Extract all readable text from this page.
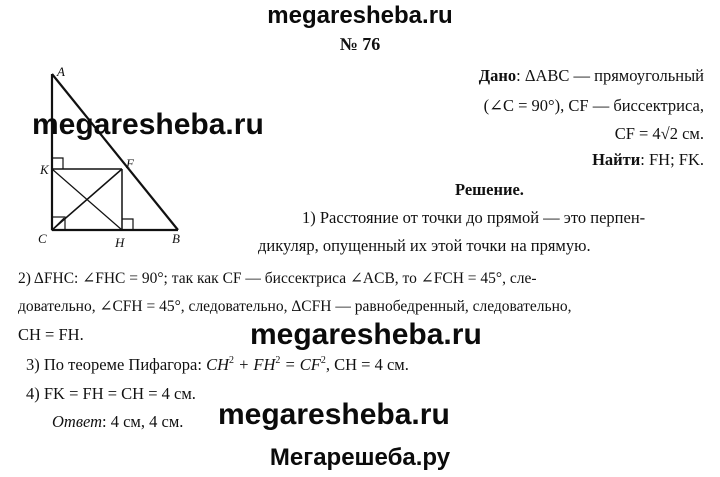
megaresheba.ru
№ 76
A
K	F
C	H	B
megaresheba.ru
Дано: ΔABC — прямоугольный
(∠C = 90°), CF — биссектриса,
CF = 4√2 см.
Найти: FH; FK.
Решение.
1) Расстояние от точки до прямой — это перпен-
дикуляр, опущенный их этой точки на прямую.
2) ΔFHC: ∠FHC = 90°; так как CF — биссектриса ∠ACB, то ∠FCH = 45°, сле-
довательно, ∠CFH = 45°, следовательно, ΔCFH — равнобедренный, следовательно,
CH = FH.	megaresheba.ru
3) По теореме Пифагора: $CH^2 + FH^2 = CF^2$, CH = 4 см.
4) FK = FH = CH = 4 см.
Ответ: 4 см, 4 см. megaresheba.ru
Мегарешеба.ру
